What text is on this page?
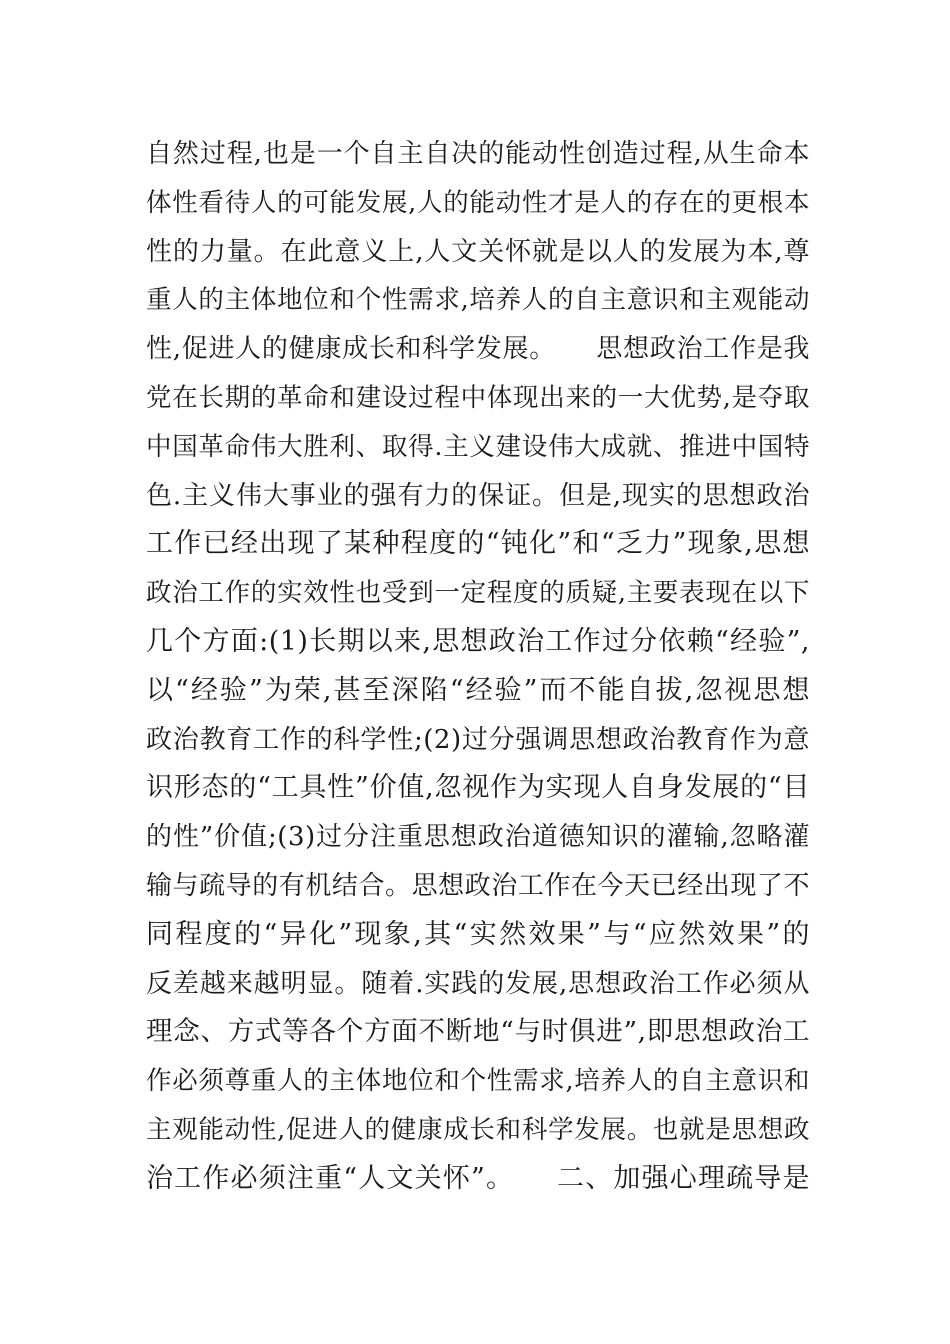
自然过程,也是一个自主自决的能动性创造过程,从生命本
体性看待人的可能发展,人的能动性才是人的存在的更根本
性的力量。在此意义上,人文关怀就是以人的发展为本,尊
重人的主体地位和个性需求,培养人的自主意识和主观能动
性,促进人的健康成长和科学发展。　　思想政治工作是我
党在长期的革命和建设过程中体现出来的一大优势,是夺取
中国革命伟大胜利、取得.主义建设伟大成就、推进中国特
色.主义伟大事业的强有力的保证。但是,现实的思想政治
工作已经出现了某种程度的“钝化”和“乏力”现象,思想
政治工作的实效性也受到一定程度的质疑,主要表现在以下
几个方面:(1)长期以来,思想政治工作过分依赖“经验”,
以“经验”为荣,甚至深陷“经验”而不能自拔,忽视思想
政治教育工作的科学性;(2)过分强调思想政治教育作为意
识形态的“工具性”价值,忽视作为实现人自身发展的“目
的性”价值;(3)过分注重思想政治道德知识的灌输,忽略灌
输与疏导的有机结合。思想政治工作在今天已经出现了不
同程度的“异化”现象,其“实然效果”与“应然效果”的
反差越来越明显。随着.实践的发展,思想政治工作必须从
理念、方式等各个方面不断地“与时俱进”,即思想政治工
作必须尊重人的主体地位和个性需求,培养人的自主意识和
主观能动性,促进人的健康成长和科学发展。也就是思想政
治工作必须注重“人文关怀”。　　二、加强心理疏导是
